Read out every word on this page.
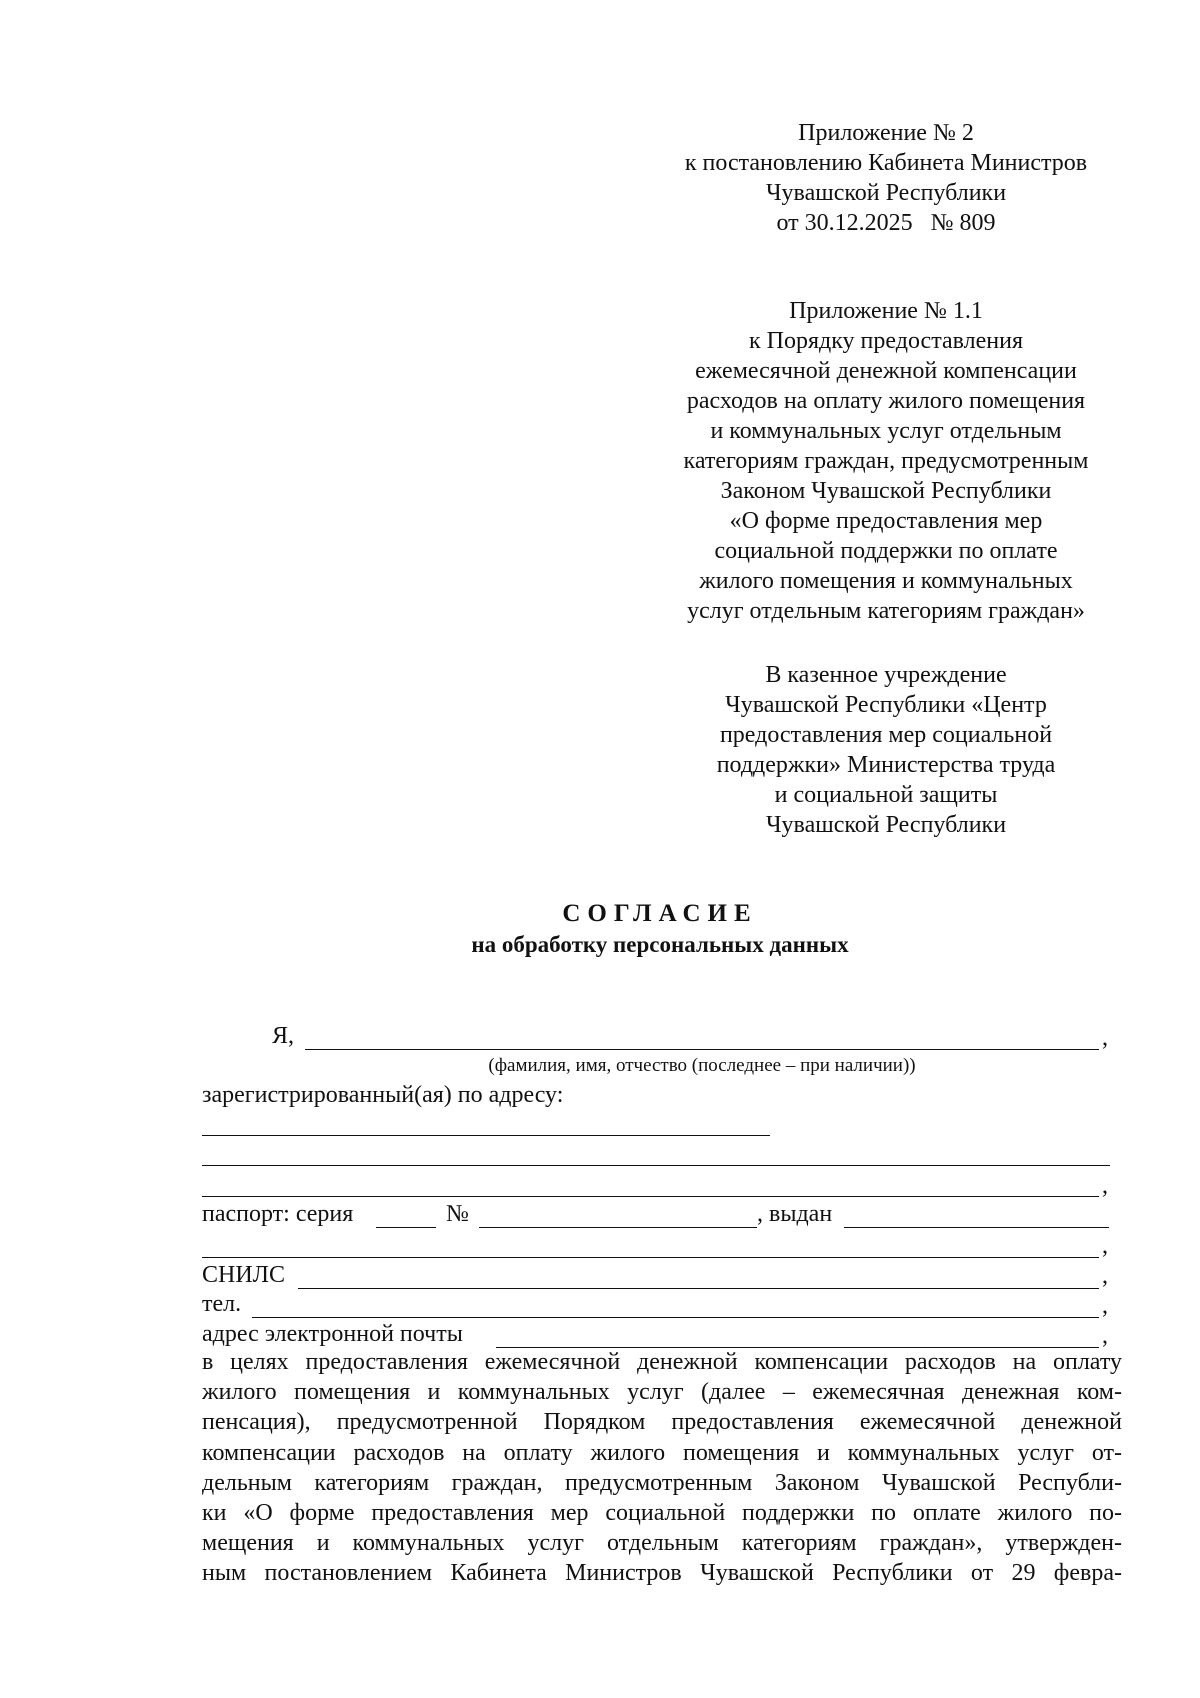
Приложение № 2
к постановлению Кабинета Министров
Чувашской Республики
от 30.12.2025   № 809
Приложение № 1.1
к Порядку предоставления
ежемесячной денежной компенсации
расходов на оплату жилого помещения
и коммунальных услуг отдельным
категориям граждан, предусмотренным
Законом Чувашской Республики
«О форме предоставления мер
социальной поддержки по оплате
жилого помещения и коммунальных
услуг отдельным категориям граждан»
В казенное учреждение
Чувашской Республики «Центр
предоставления мер социальной
поддержки» Министерства труда
и социальной защиты
Чувашской Республики
СОГЛАСИЕ
на обработку персональных данных
Я,	,
(фамилия, имя, отчество (последнее – при наличии))
зарегистрированный(ая) по адресу:
,
паспорт: серия	№	, выдан
,
СНИЛС	,
тел.	,
адрес электронной почты	,
в целях предоставления ежемесячной денежной компенсации расходов на оплату
жилого помещения и коммунальных услуг (далее – ежемесячная денежная ком-
пенсация), предусмотренной Порядком предоставления ежемесячной денежной
компенсации расходов на оплату жилого помещения и коммунальных услуг от-
дельным категориям граждан, предусмотренным Законом Чувашской Республи-
ки «О форме предоставления мер социальной поддержки по оплате жилого по-
мещения и коммунальных услуг отдельным категориям граждан», утвержден-
ным постановлением Кабинета Министров Чувашской Республики от 29 февра-
